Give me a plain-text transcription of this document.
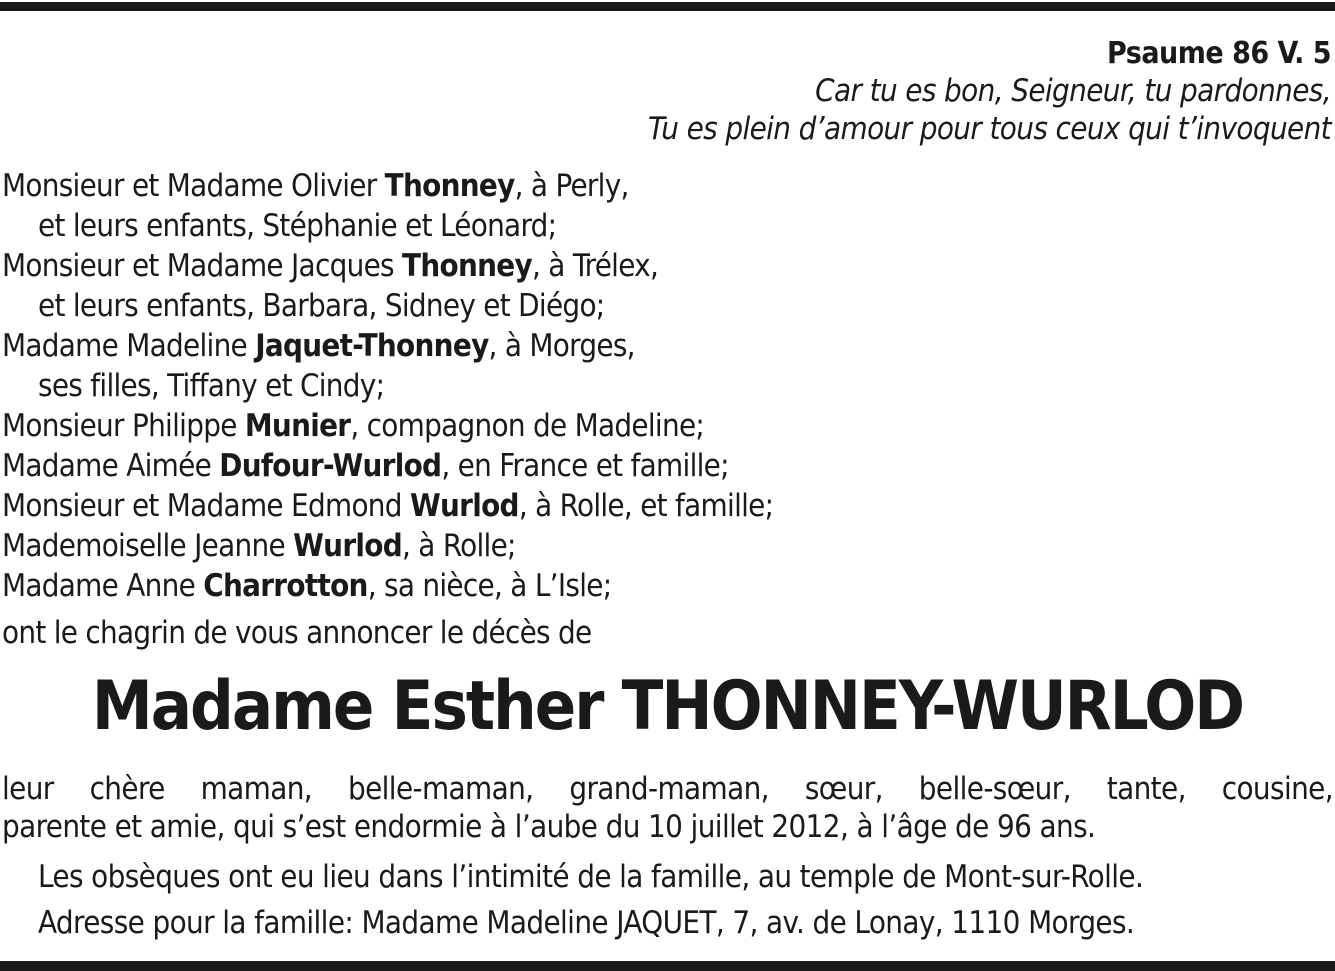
Psaume 86 V. 5
Car tu es bon, Seigneur, tu pardonnes,
Tu es plein d’amour pour tous ceux qui t’invoquent
Monsieur et Madame Olivier Thonney, à Perly,
et leurs enfants, Stéphanie et Léonard;
Monsieur et Madame Jacques Thonney, à Trélex,
et leurs enfants, Barbara, Sidney et Diégo;
Madame Madeline Jaquet-Thonney, à Morges,
ses filles, Tiffany et Cindy;
Monsieur Philippe Munier, compagnon de Madeline;
Madame Aimée Dufour-Wurlod, en France et famille;
Monsieur et Madame Edmond Wurlod, à Rolle, et famille;
Mademoiselle Jeanne Wurlod, à Rolle;
Madame Anne Charrotton, sa nièce, à L’Isle;
ont le chagrin de vous annoncer le décès de
Madame Esther THONNEY-WURLOD
leur chère maman, belle-maman, grand-maman, sœur, belle-sœur, tante, cousine,
parente et amie, qui s’est endormie à l’aube du 10 juillet 2012, à l’âge de 96 ans.
Les obsèques ont eu lieu dans l’intimité de la famille, au temple de Mont-sur-Rolle.
Adresse pour la famille: Madame Madeline JAQUET, 7, av. de Lonay, 1110 Morges.
